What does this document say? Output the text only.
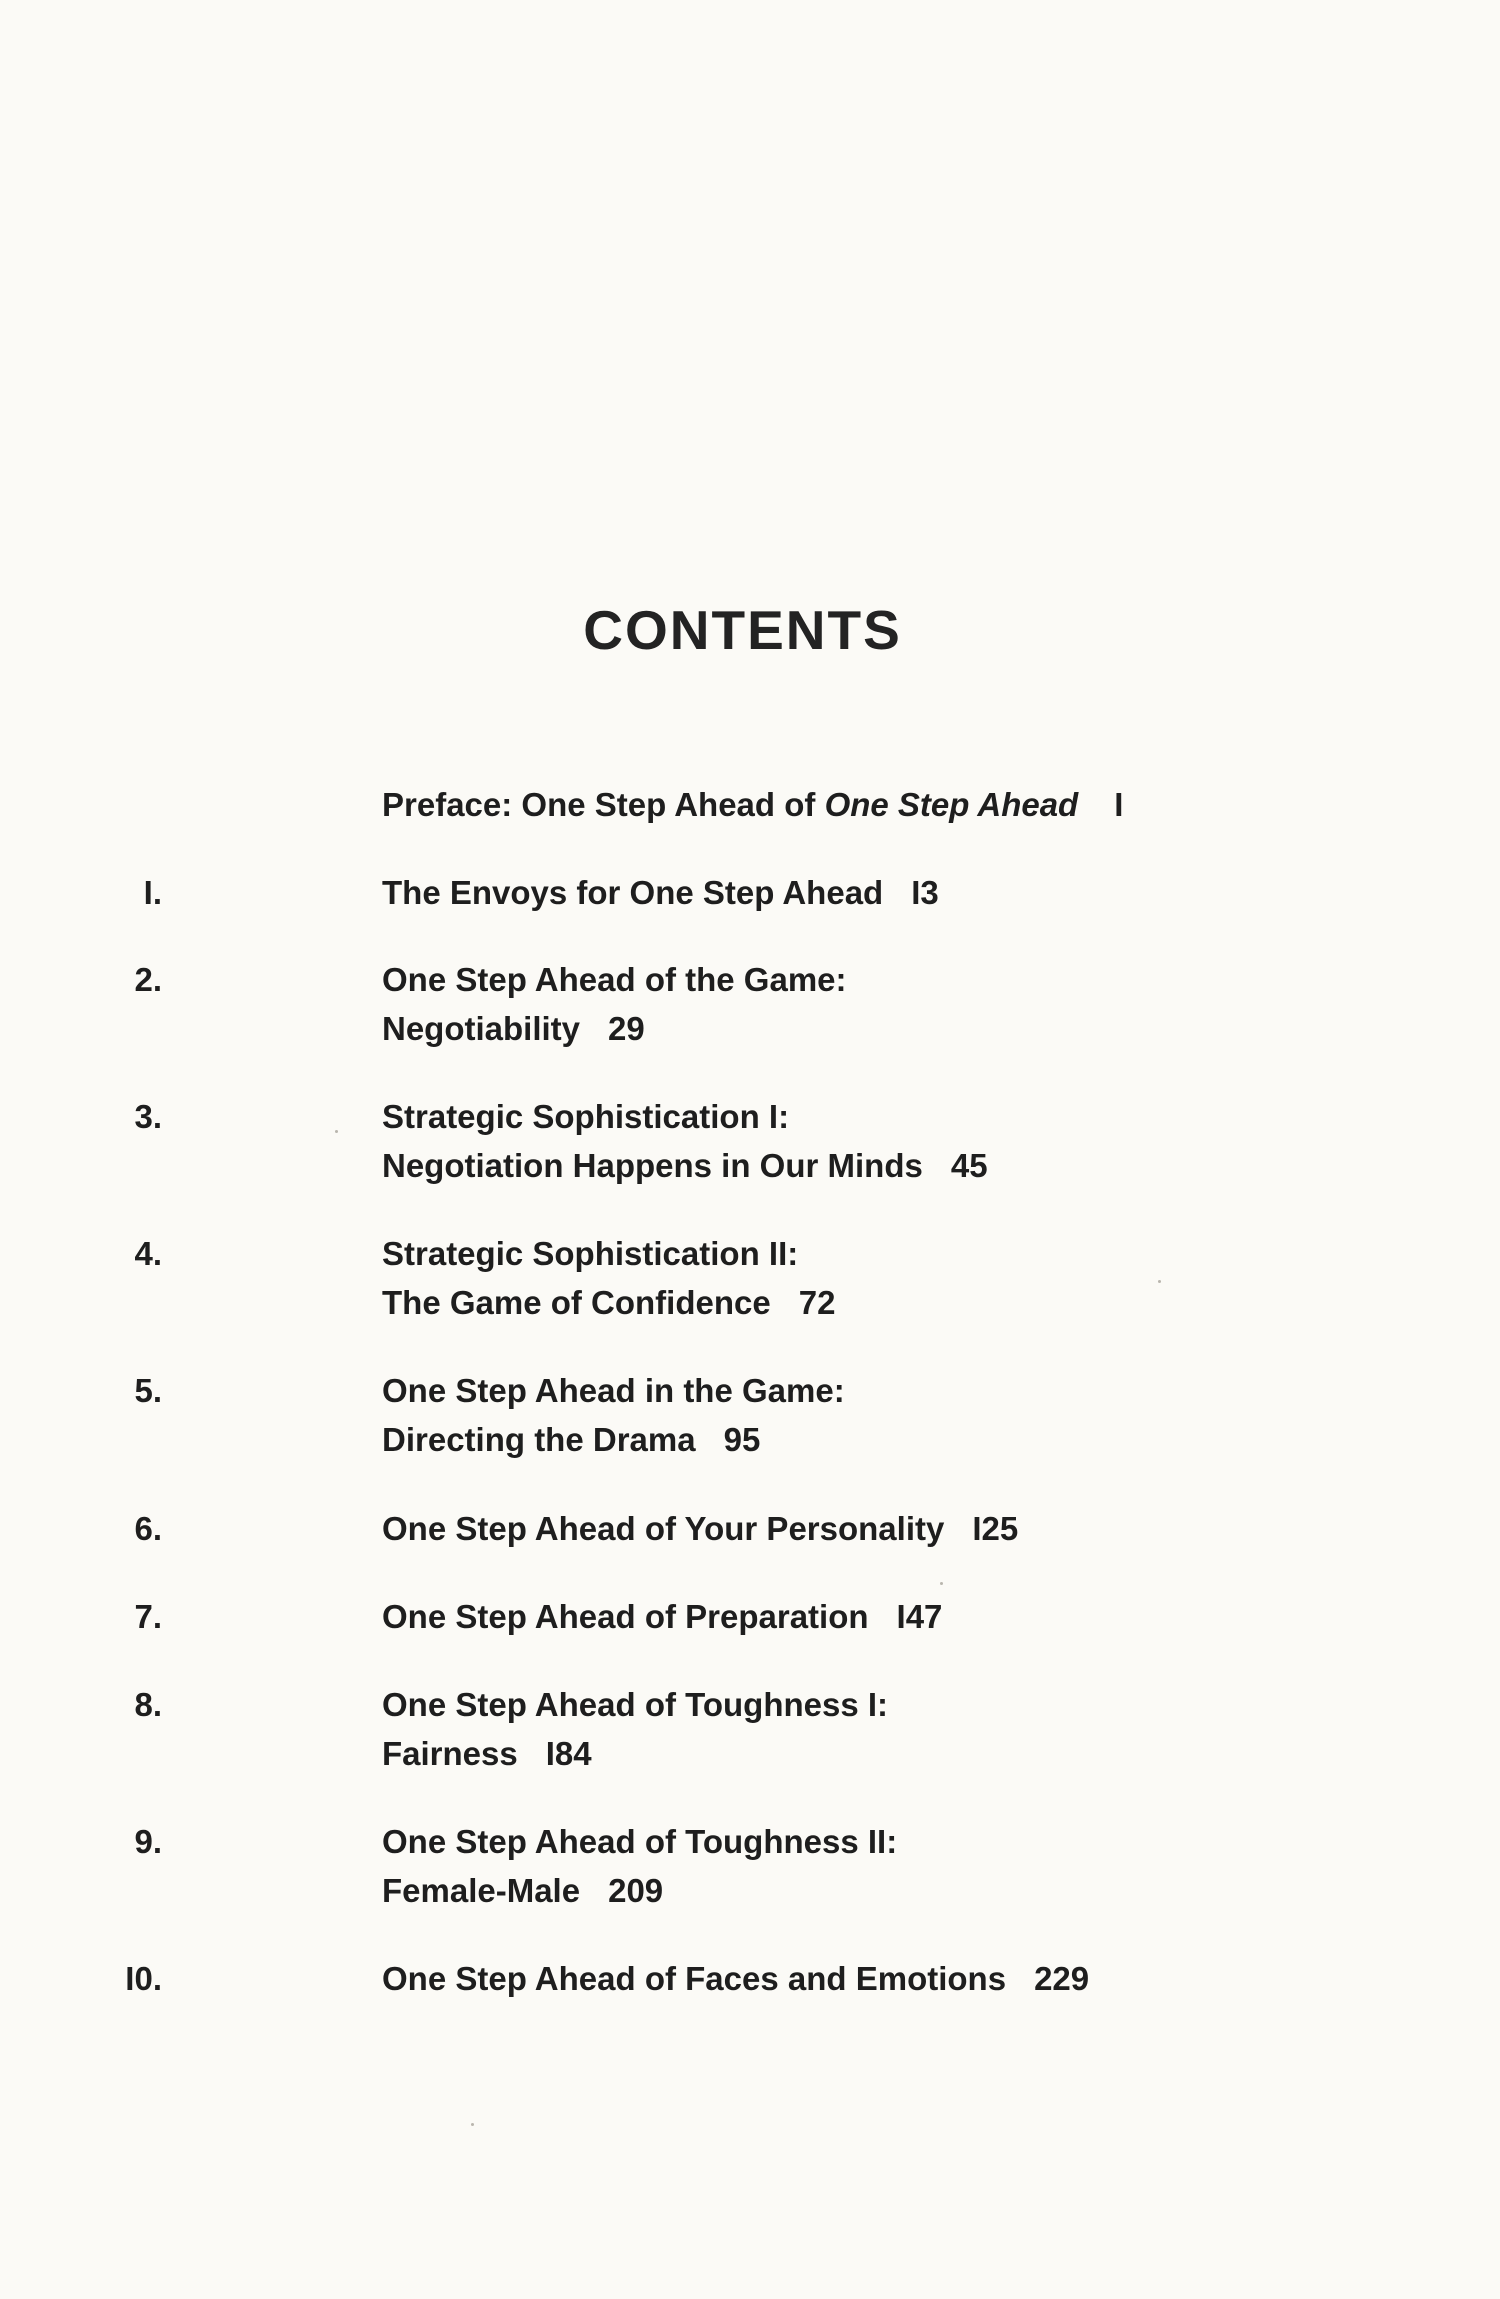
CONTENTS
Preface: One Step Ahead of One Step Ahead I
I.	The Envoys for One Step Ahead I3
2.	One Step Ahead of the Game:
Negotiability 29
3.	Strategic Sophistication I:
Negotiation Happens in Our Minds 45
4.	Strategic Sophistication II:
The Game of Confidence 72
5.	One Step Ahead in the Game:
Directing the Drama 95
6.	One Step Ahead of Your Personality I25
7.	One Step Ahead of Preparation I47
8.	One Step Ahead of Toughness I:
Fairness I84
9.	One Step Ahead of Toughness II:
Female-Male 209
I0.	One Step Ahead of Faces and Emotions 229
